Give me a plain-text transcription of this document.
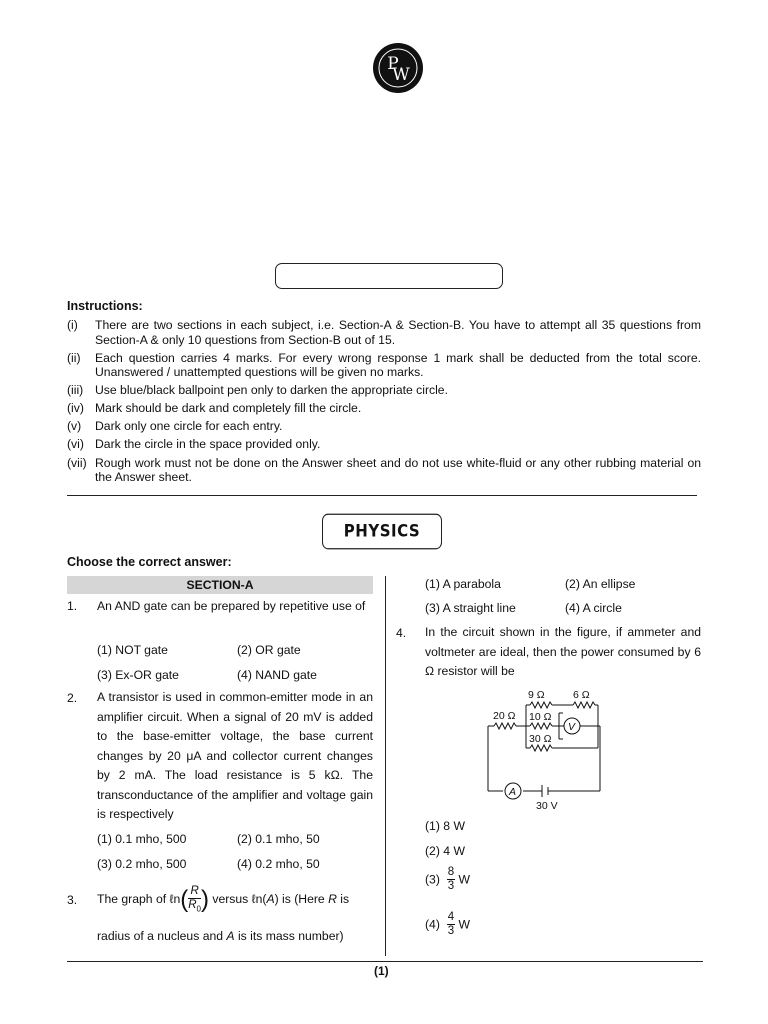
P
W
Instructions:
(i)	There are two sections in each subject, i.e. Section-A & Section-B. You have to attempt all 35 questions from Section-A & only 10 questions from Section-B out of 15.
(ii)	Each question carries 4 marks. For every wrong response 1 mark shall be deducted from the total score. Unanswered / unattempted questions will be given no marks.
(iii) Use blue/black ballpoint pen only to darken the appropriate circle.
(iv) Mark should be dark and completely fill the circle.
(v)	Dark only one circle for each entry.
(vi) Dark the circle in the space provided only.
(vii) Rough work must not be done on the Answer sheet and do not use white-fluid or any other rubbing material on the Answer sheet.
PHYSICS
Choose the correct answer:
SECTION-A
1. An AND gate can be prepared by repetitive use of
(1) NOT gate	(2) OR gate
(3) Ex-OR gate	(4) NAND gate
2. A transistor is used in common-emitter mode in an amplifier circuit. When a signal of 20 mV is added to the base-emitter voltage, the base current changes by 20 μA and collector current changes by 2 mA. The load resistance is 5 kΩ. The transconductance of the amplifier and voltage gain is respectively
(1) 0.1 mho, 500	(2) 0.1 mho, 50
(3) 0.2 mho, 500	(4) 0.2 mho, 50
3. The graph of ℓn( $\frac{R}{R_0}$ ) versus ℓn(A) is (Here R is
radius of a nucleus and A is its mass number)
(1) A parabola	(2) An ellipse
(3) A straight line	(4) A circle
4. In the circuit shown in the figure, if ammeter and voltmeter are ideal, then the power consumed by 6 Ω resistor will be
9 Ω	6 Ω
20 Ω 10 Ω
30 Ω
V
A
30 V
(1) 8 W
(2) 4 W
$(3) \frac{8}{3}$ W
$(4) \frac{4}{3}$ W
(1)
